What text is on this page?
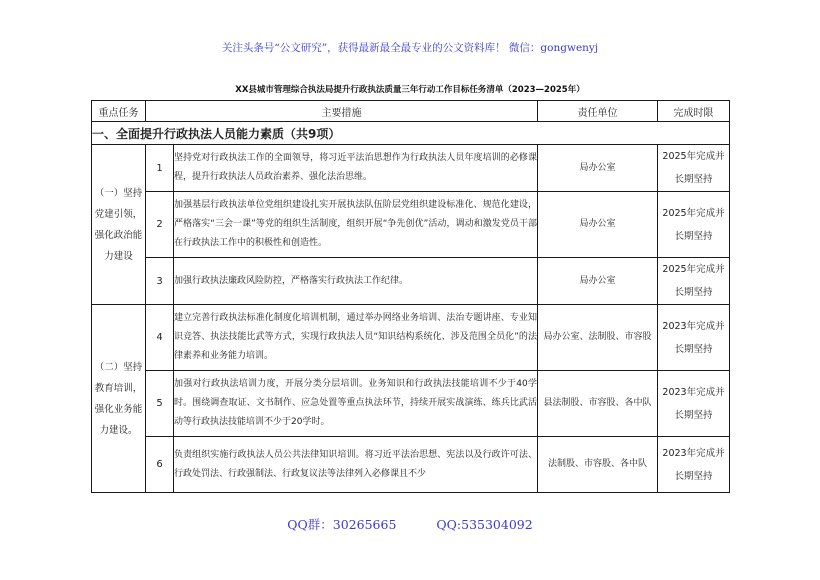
关注头条号“公文研究”，获得最新最全最专业的公文资料库！ 微信：gongwenyj
XX县城市管理综合执法局提升行政执法质量三年行动工作目标任务清单（2023—2025年）
重点任务	主要措施		责任单位	完成时限
一、全面提升行政执法人员能力素质（共9项）				
（一）坚持党建引领，强化政治能力建设	1	坚持党对行政执法工作的全面领导，将习近平法治思想作为行政执法人员年度培训的必修课程，提升行政执法人员政治素养、强化法治思维。	局办公室	2025年完成并长期坚持
	2	加强基层行政执法单位党组织建设扎实开展执法队伍阶层党组织建设标准化、规范化建设，严格落实“三会一课”等党的组织生活制度，组织开展“争先创优”活动，调动和激发党员干部在行政执法工作中的积极性和创造性。	局办公室	2025年完成并长期坚持
	3	加强行政执法廉政风险防控，严格落实行政执法工作纪律。	局办公室	2025年完成并长期坚持
（二）坚持教育培训，强化业务能力建设。	4	建立完善行政执法标准化制度化培训机制，通过举办网络业务培训、法治专题讲座、专业知识竞答、执法技能比武等方式，实现行政执法人员“知识结构系统化、涉及范围全员化”的法律素养和业务能力培训。	局办公室、法制股、市容股	2023年完成并长期坚持
	5	加强对行政执法培训力度，开展分类分层培训。业务知识和行政执法技能培训不少于40学时。围绕调查取证、文书制作、应急处置等重点执法环节，持续开展实战演练、练兵比武活动等行政执法技能培训不少于20学时。	县法制股、市容股、各中队	2023年完成并长期坚持
	6	负责组织实施行政执法人员公共法律知识培训。将习近平法治思想、宪法以及行政许可法、行政处罚法、行政强制法、行政复议法等法律列入必修课且不少	法制股、市容股、各中队	2023年完成并长期坚持
QQ群：30265665	QQ:535304092
